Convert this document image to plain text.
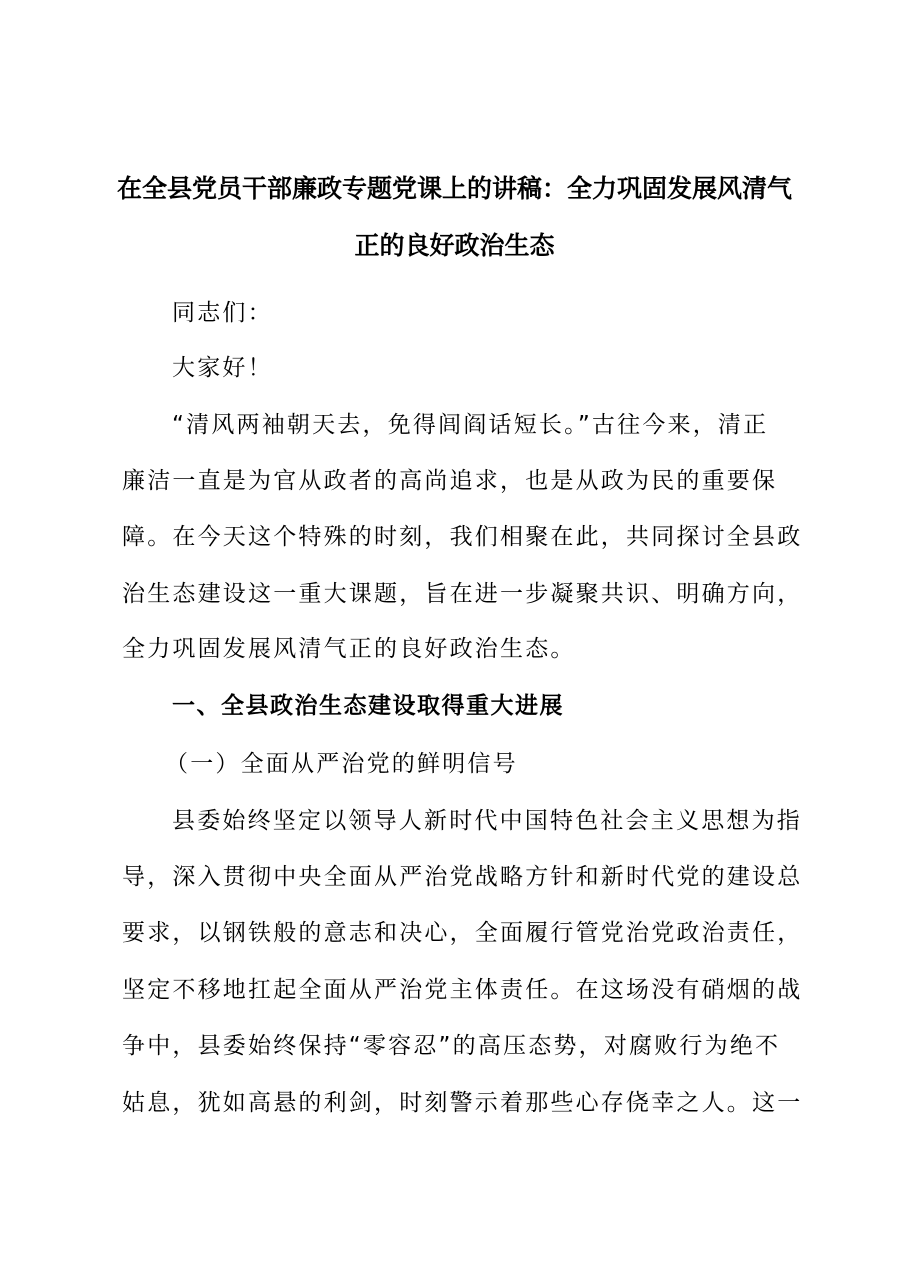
在全县党员干部廉政专题党课上的讲稿：全力巩固发展风清气
正的良好政治生态
同志们：
大家好！
“清风两袖朝天去，免得闾阎话短长。”古往今来，清正
廉洁一直是为官从政者的高尚追求，也是从政为民的重要保
障。在今天这个特殊的时刻，我们相聚在此，共同探讨全县政
治生态建设这一重大课题，旨在进一步凝聚共识、明确方向，
全力巩固发展风清气正的良好政治生态。
一、全县政治生态建设取得重大进展
（一）全面从严治党的鲜明信号
县委始终坚定以领导人新时代中国特色社会主义思想为指
导，深入贯彻中央全面从严治党战略方针和新时代党的建设总
要求，以钢铁般的意志和决心，全面履行管党治党政治责任，
坚定不移地扛起全面从严治党主体责任。在这场没有硝烟的战
争中，县委始终保持“零容忍”的高压态势，对腐败行为绝不
姑息，犹如高悬的利剑，时刻警示着那些心存侥幸之人。这一
